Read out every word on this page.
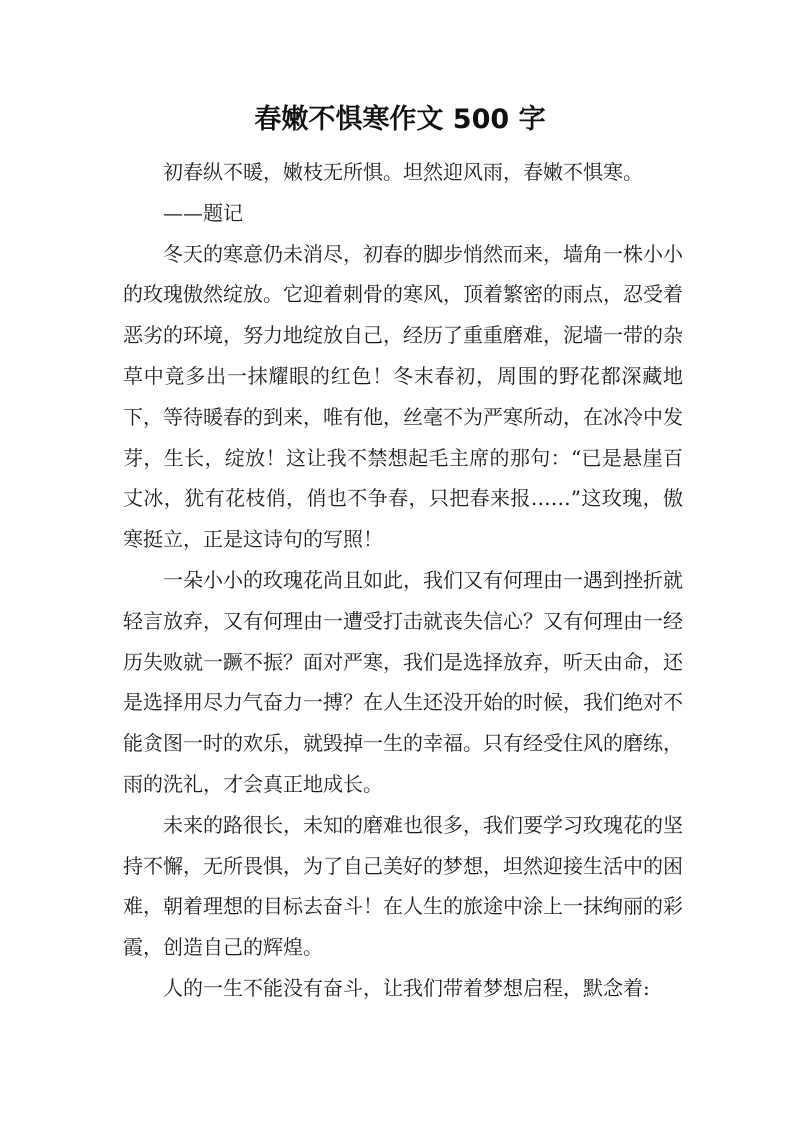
春嫩不惧寒作文 500 字

初春纵不暖，嫩枝无所惧。坦然迎风雨，春嫩不惧寒。

——题记

冬天的寒意仍未消尽，初春的脚步悄然而来，墙角一株小小的玫瑰傲然绽放。它迎着刺骨的寒风，顶着繁密的雨点，忍受着恶劣的环境，努力地绽放自己，经历了重重磨难，泥墙一带的杂草中竟多出一抹耀眼的红色！冬末春初，周围的野花都深藏地下，等待暖春的到来，唯有他，丝毫不为严寒所动，在冰冷中发芽，生长，绽放！这让我不禁想起毛主席的那句：“已是悬崖百丈冰，犹有花枝俏，俏也不争春，只把春来报……”这玫瑰，傲寒挺立，正是这诗句的写照！

一朵小小的玫瑰花尚且如此，我们又有何理由一遇到挫折就轻言放弃，又有何理由一遭受打击就丧失信心？又有何理由一经历失败就一蹶不振？面对严寒，我们是选择放弃，听天由命，还是选择用尽力气奋力一搏？在人生还没开始的时候，我们绝对不能贪图一时的欢乐，就毁掉一生的幸福。只有经受住风的磨练，雨的洗礼，才会真正地成长。

未来的路很长，未知的磨难也很多，我们要学习玫瑰花的坚持不懈，无所畏惧，为了自己美好的梦想，坦然迎接生活中的困难，朝着理想的目标去奋斗！在人生的旅途中涂上一抹绚丽的彩霞，创造自己的辉煌。

人的一生不能没有奋斗，让我们带着梦想启程，默念着:
